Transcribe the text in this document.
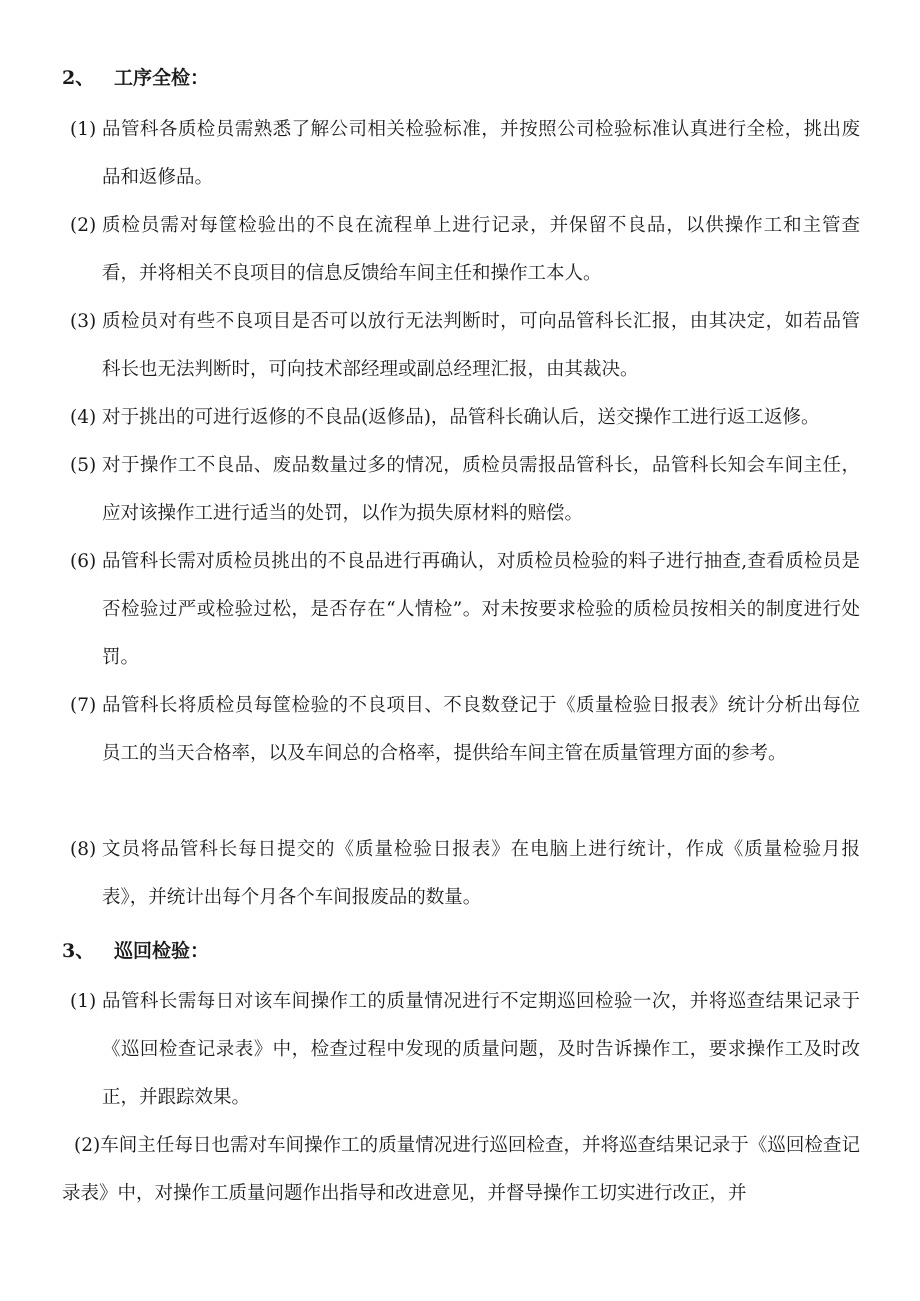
2、 工序全检：
(1) 品管科各质检员需熟悉了解公司相关检验标准，并按照公司检验标准认真进行全检，挑出废品和返修品。
(2) 质检员需对每筐检验出的不良在流程单上进行记录，并保留不良品，以供操作工和主管查看，并将相关不良项目的信息反馈给车间主任和操作工本人。
(3) 质检员对有些不良项目是否可以放行无法判断时，可向品管科长汇报，由其决定，如若品管科长也无法判断时，可向技术部经理或副总经理汇报，由其裁决。
(4) 对于挑出的可进行返修的不良品(返修品)，品管科长确认后，送交操作工进行返工返修。
(5) 对于操作工不良品、废品数量过多的情况，质检员需报品管科长，品管科长知会车间主任，应对该操作工进行适当的处罚，以作为损失原材料的赔偿。
(6) 品管科长需对质检员挑出的不良品进行再确认，对质检员检验的料子进行抽查,查看质检员是否检验过严或检验过松，是否存在“人情检”。对未按要求检验的质检员按相关的制度进行处罚。
(7) 品管科长将质检员每筐检验的不良项目、不良数登记于《质量检验日报表》统计分析出每位员工的当天合格率，以及车间总的合格率，提供给车间主管在质量管理方面的参考。
(8) 文员将品管科长每日提交的《质量检验日报表》在电脑上进行统计，作成《质量检验月报表》，并统计出每个月各个车间报废品的数量。
3、 巡回检验：
(1) 品管科长需每日对该车间操作工的质量情况进行不定期巡回检验一次，并将巡查结果记录于《巡回检查记录表》中，检查过程中发现的质量问题，及时告诉操作工，要求操作工及时改正，并跟踪效果。
(2)车间主任每日也需对车间操作工的质量情况进行巡回检查，并将巡查结果记录于《巡回检查记录表》中，对操作工质量问题作出指导和改进意见，并督导操作工切实进行改正，并
